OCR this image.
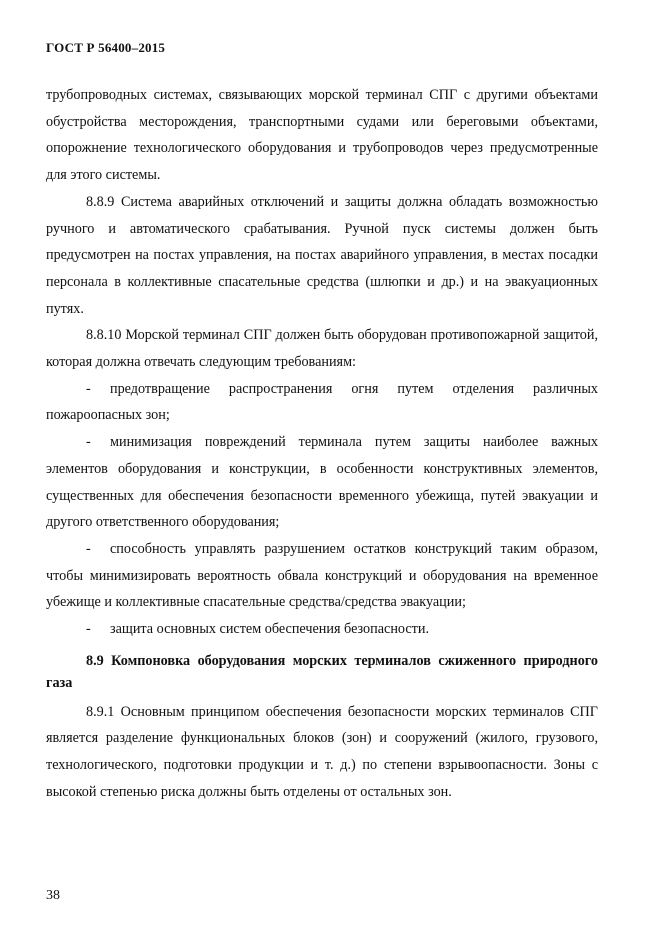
ГОСТ Р 56400–2015

трубопроводных системах, связывающих морской терминал СПГ с другими объектами обустройства месторождения, транспортными судами или береговыми объектами, опорожнение технологического оборудования и трубопроводов через предусмотренные для этого системы.

8.8.9 Система аварийных отключений и защиты должна обладать возможностью ручного и автоматического срабатывания. Ручной пуск системы должен быть предусмотрен на постах управления, на постах аварийного управления, в местах посадки персонала в коллективные спасательные средства (шлюпки и др.) и на эвакуационных путях.

8.8.10 Морской терминал СПГ должен быть оборудован противопожарной защитой, которая должна отвечать следующим требованиям:

- предотвращение распространения огня путем отделения различных пожароопасных зон;

- минимизация повреждений терминала путем защиты наиболее важных элементов оборудования и конструкции, в особенности конструктивных элементов, существенных для обеспечения безопасности временного убежища, путей эвакуации и другого ответственного оборудования;

- способность управлять разрушением остатков конструкций таким образом, чтобы минимизировать вероятность обвала конструкций и оборудования на временное убежище и коллективные спасательные средства/средства эвакуации;

- защита основных систем обеспечения безопасности.

8.9 Компоновка оборудования морских терминалов сжиженного природного газа

8.9.1 Основным принципом обеспечения безопасности морских терминалов СПГ является разделение функциональных блоков (зон) и сооружений (жилого, грузового, технологического, подготовки продукции и т. д.) по степени взрывоопасности. Зоны с высокой степенью риска должны быть отделены от остальных зон.

38
